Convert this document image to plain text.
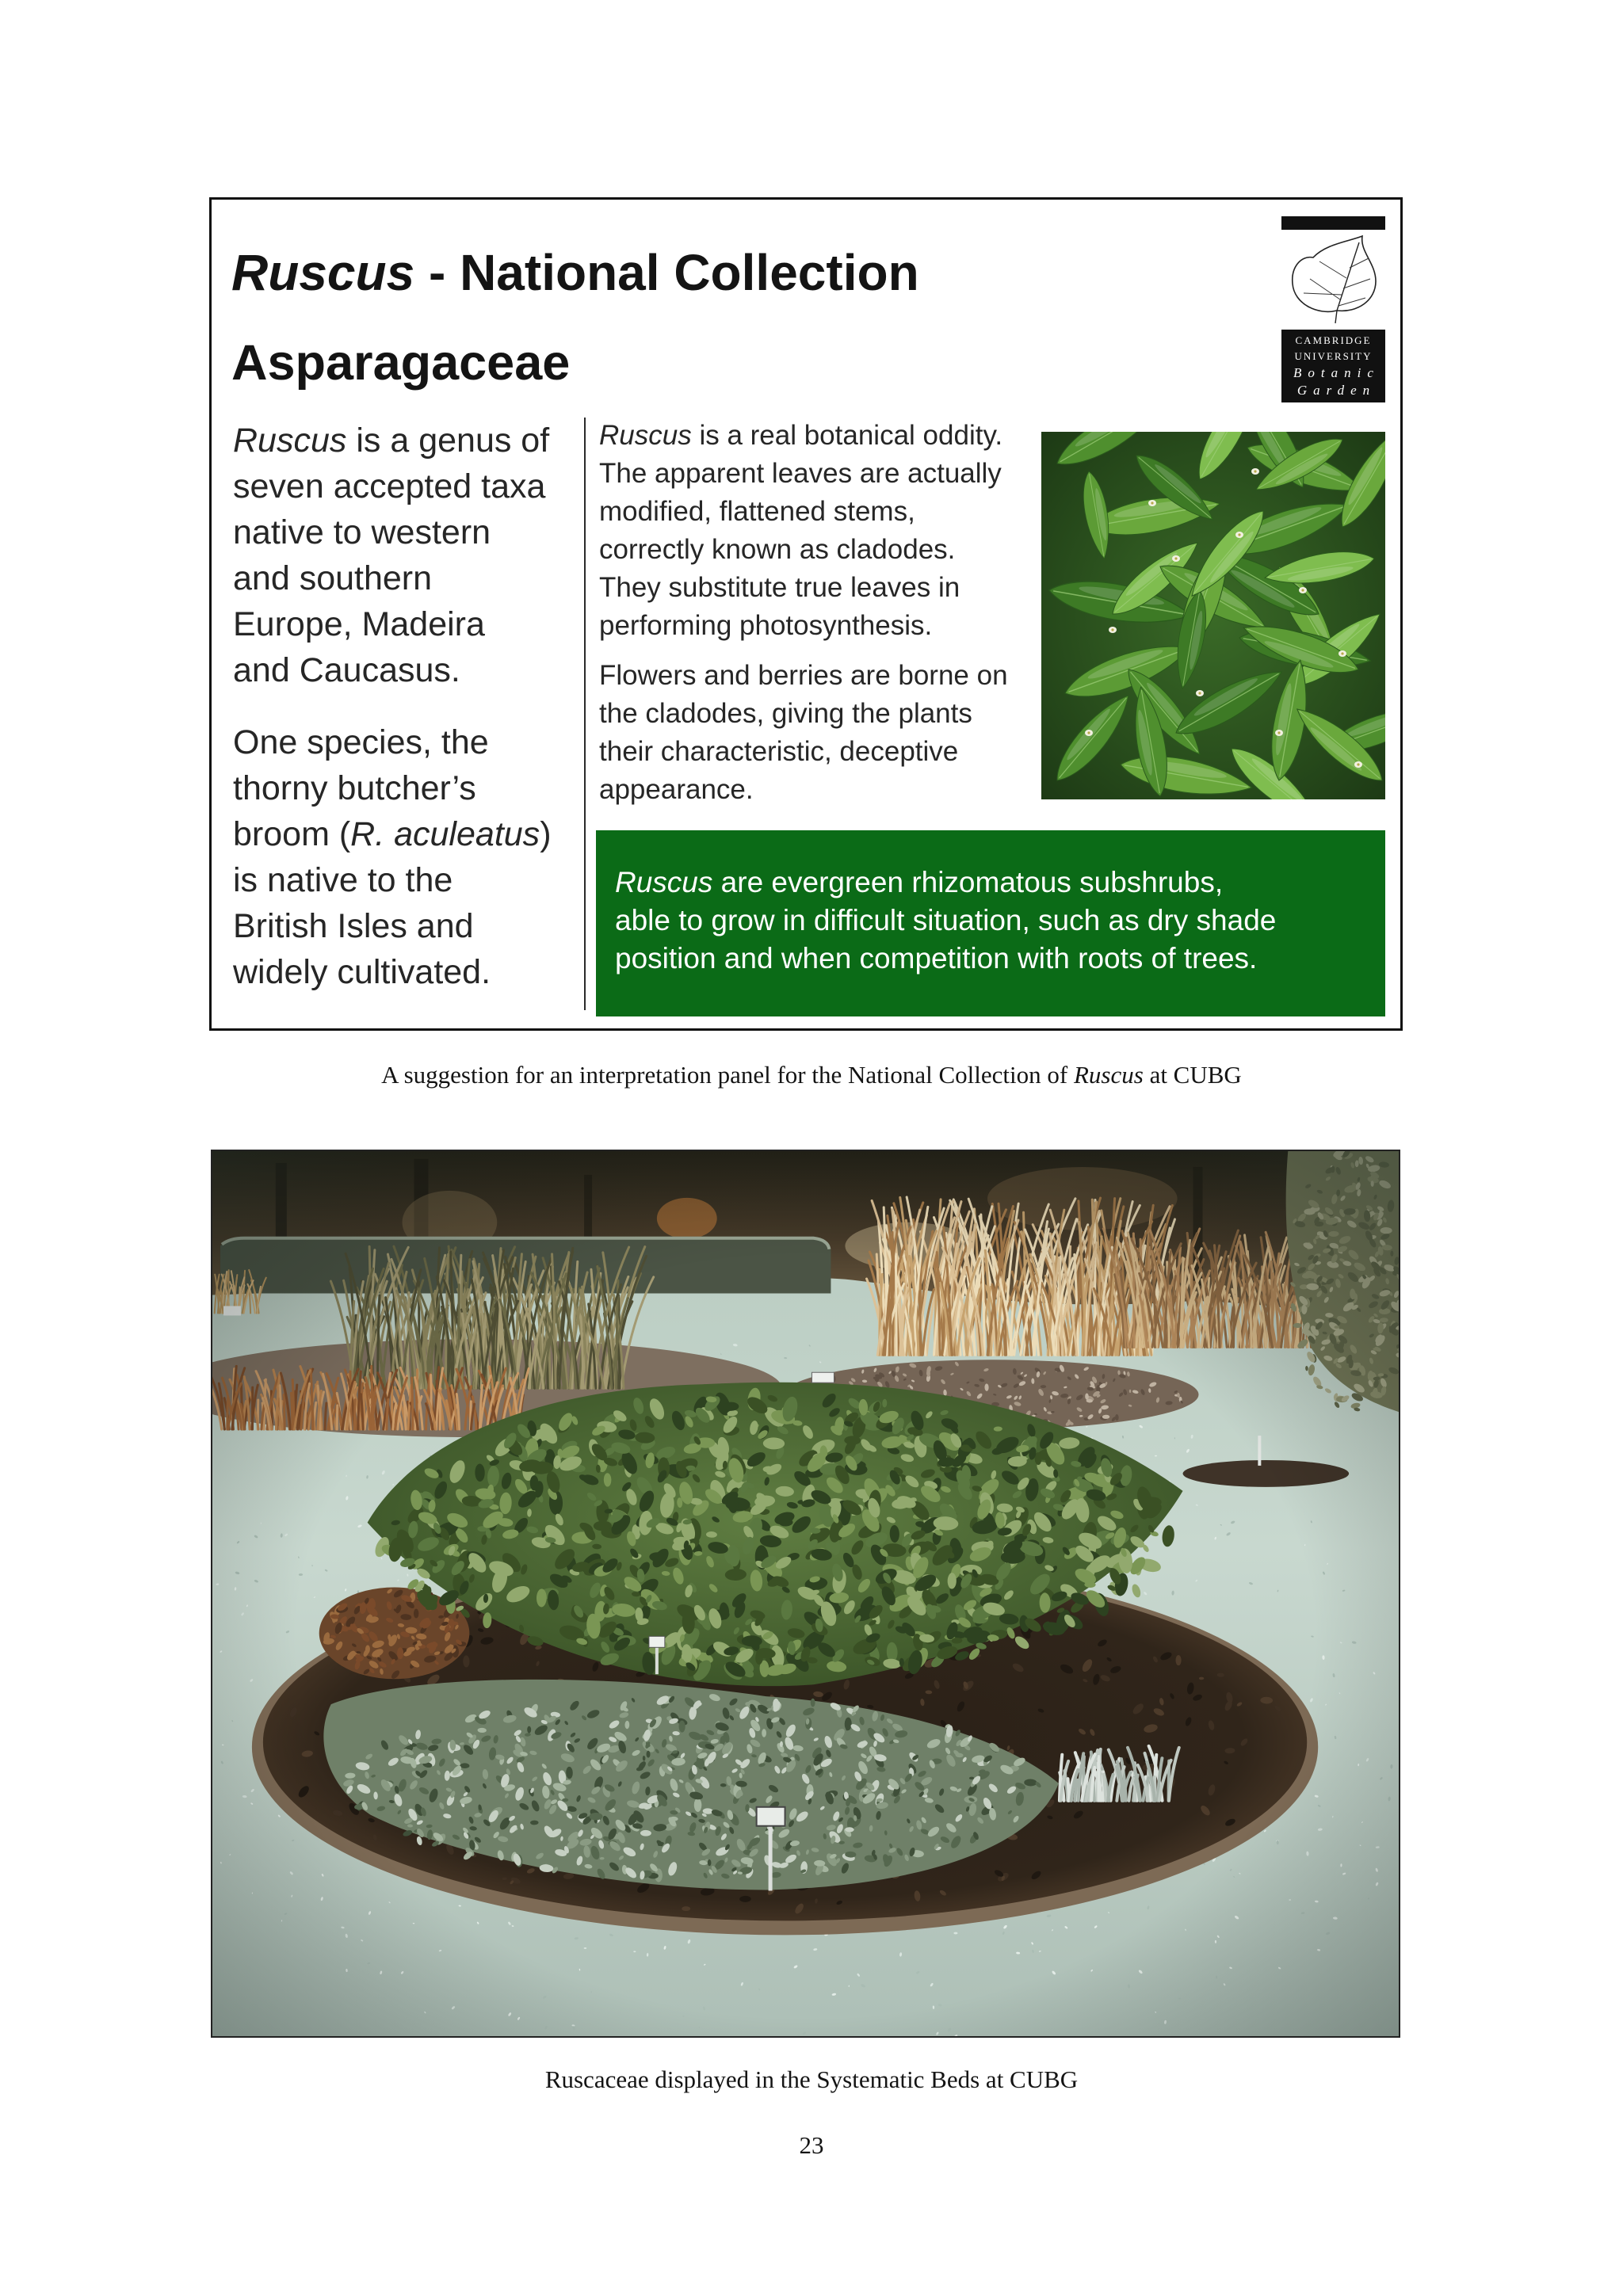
Ruscus - National Collection
Asparagaceae	CAMBRIDGE
UNIVERSITY
Botanic
Garden
Ruscus is a genus of
seven accepted taxa
native to western
and southern
Europe, Madeira
and Caucasus.
One species, the
thorny butcher’s
broom (R. aculeatus)
is native to the
British Isles and
widely cultivated.
Ruscus is a real botanical oddity.
The apparent leaves are actually
modified, flattened stems,
correctly known as cladodes.
They substitute true leaves in
performing photosynthesis.
Flowers and berries are borne on
the cladodes, giving the plants
their characteristic, deceptive
appearance.
Ruscus are evergreen rhizomatous subshrubs,
able to grow in difficult situation, such as dry shade
position and when competition with roots of trees.
A suggestion for an interpretation panel for the National Collection of Ruscus at CUBG
Ruscaceae displayed in the Systematic Beds at CUBG
23
